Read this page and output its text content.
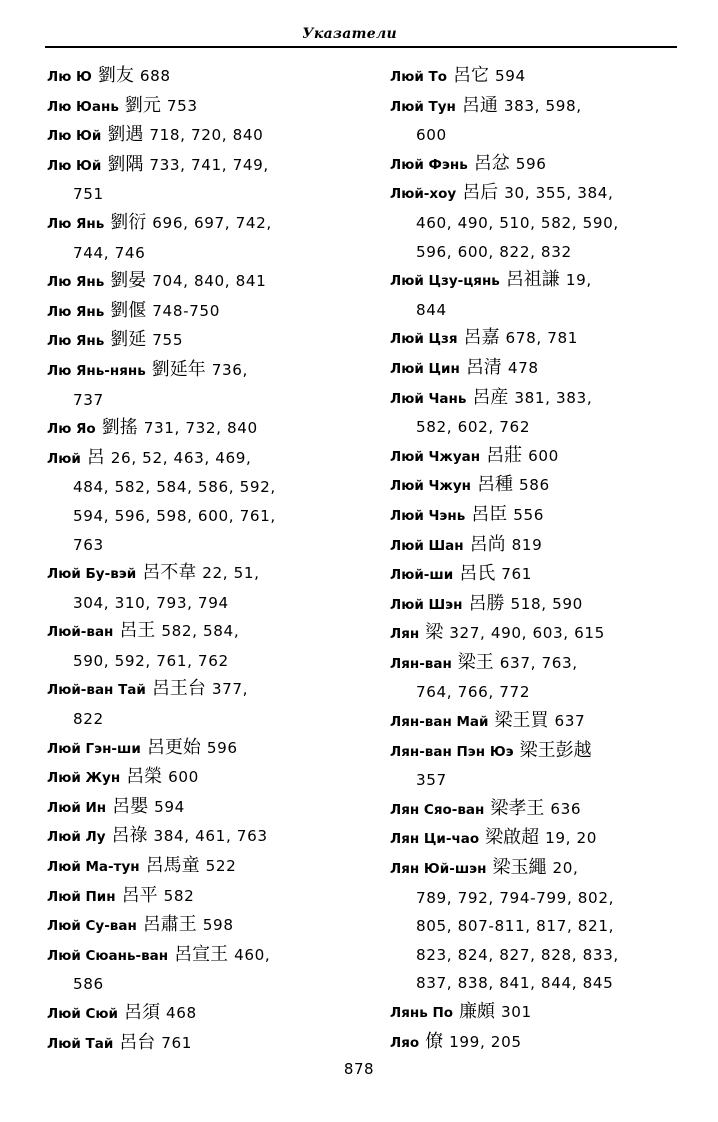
Указатели
Лю Ю 劉友 688
Лю Юань 劉元 753
Лю Юй 劉遇 718, 720, 840
Лю Юй 劉隅 733, 741, 749,
751
Лю Янь 劉衍 696, 697, 742,
744, 746
Лю Янь 劉晏 704, 840, 841
Лю Янь 劉偃 748-750
Лю Янь 劉延 755
Лю Янь-нянь 劉延年 736,
737
Лю Яо 劉搖 731, 732, 840
Люй 呂 26, 52, 463, 469,
484, 582, 584, 586, 592,
594, 596, 598, 600, 761,
763
Люй Бу-вэй 呂不韋 22, 51,
304, 310, 793, 794
Люй-ван 呂王 582, 584,
590, 592, 761, 762
Люй-ван Тай 呂王台 377,
822
Люй Гэн-ши 呂更始 596
Люй Жун 呂榮 600
Люй Ин 呂嬰 594
Люй Лу 呂祿 384, 461, 763
Люй Ма-тун 呂馬童 522
Люй Пин 呂平 582
Люй Су-ван 呂肅王 598
Люй Сюань-ван 呂宣王 460,
586
Люй Сюй 呂須 468
Люй Тай 呂台 761
Люй То 呂它 594
Люй Тун 呂通 383, 598,
600
Люй Фэнь 呂忿 596
Люй-хоу 呂后 30, 355, 384,
460, 490, 510, 582, 590,
596, 600, 822, 832
Люй Цзу-цянь 呂祖謙 19,
844
Люй Цзя 呂嘉 678, 781
Люй Цин 呂清 478
Люй Чань 呂産 381, 383,
582, 602, 762
Люй Чжуан 呂莊 600
Люй Чжун 呂種 586
Люй Чэнь 呂臣 556
Люй Шан 呂尚 819
Люй-ши 呂氏 761
Люй Шэн 呂勝 518, 590
Лян 梁 327, 490, 603, 615
Лян-ван 梁王 637, 763,
764, 766, 772
Лян-ван Май 梁王買 637
Лян-ван Пэн Юэ 梁王彭越
357
Лян Сяо-ван 梁孝王 636
Лян Ци-чао 梁啟超 19, 20
Лян Юй-шэн 梁玉繩 20,
789, 792, 794-799, 802,
805, 807-811, 817, 821,
823, 824, 827, 828, 833,
837, 838, 841, 844, 845
Лянь По 廉頗 301
Ляо 僚 199, 205
878
